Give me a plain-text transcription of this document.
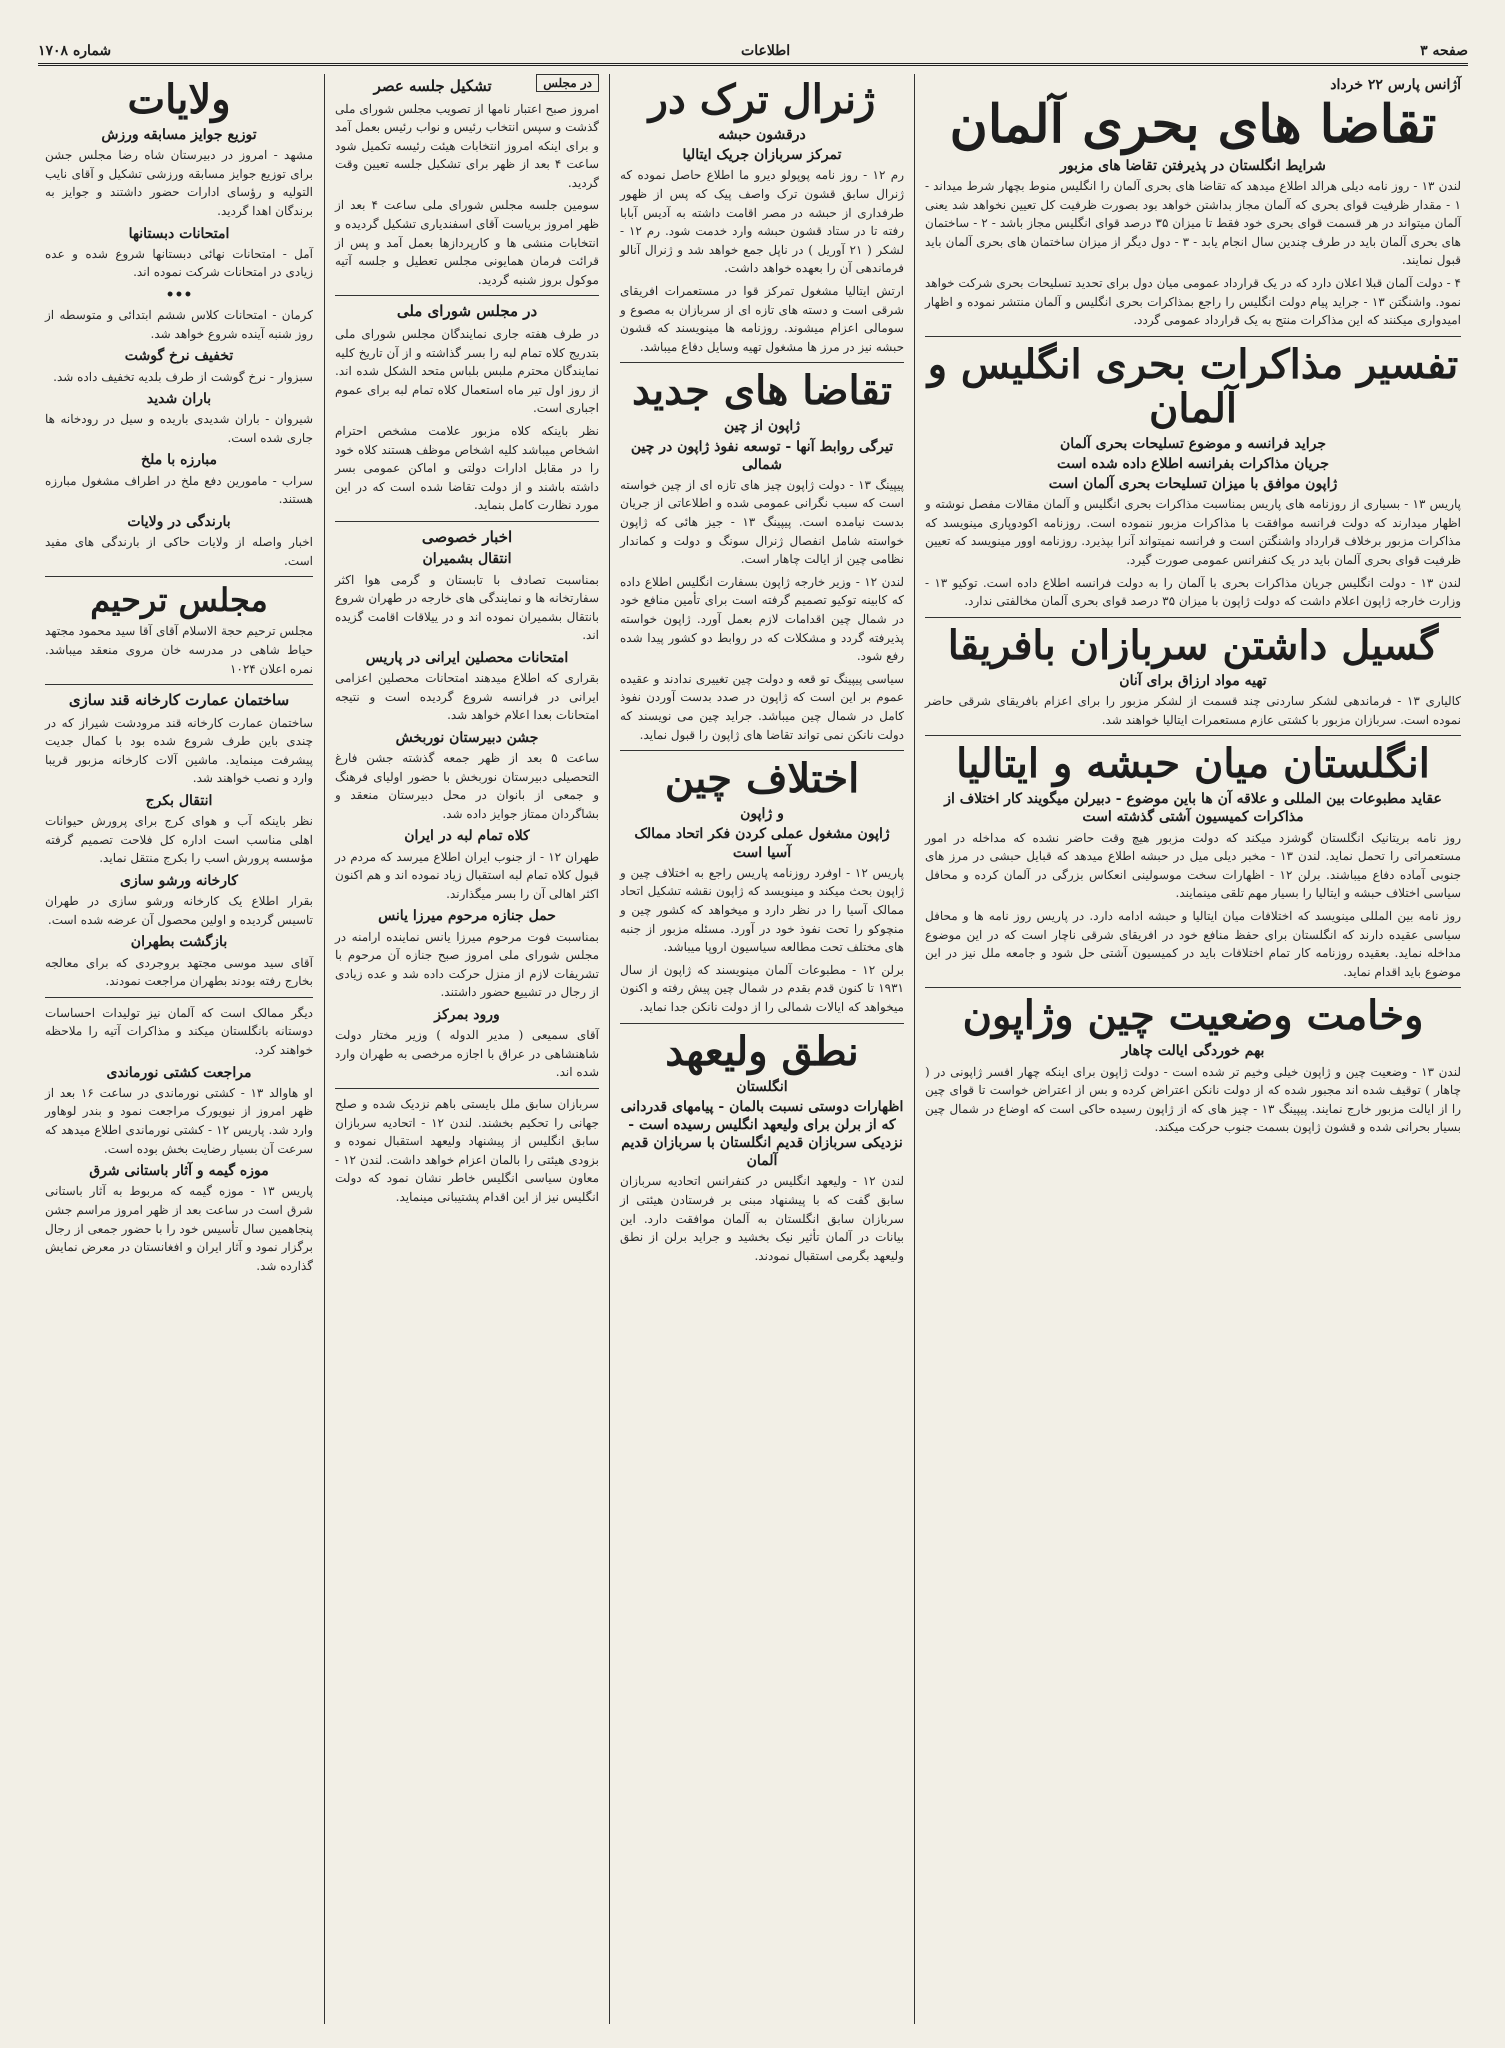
صفحه ۳
اطلاعات
شماره ۱۷۰۸
آژانس پارس ۲۲ خرداد
تقاضا های بحری آلمان
شرایط انگلستان در پذیرفتن تقاضا های مزبور
لندن ۱۳ - روز نامه دیلی هرالد اطلاع میدهد که تقاضا های بحری آلمان را انگلیس منوط بچهار شرط میداند - ۱ - مقدار ظرفیت قوای بحری که آلمان مجاز بداشتن خواهد بود بصورت ظرفیت کل تعیین نخواهد شد یعنی آلمان میتواند در هر قسمت قوای بحری خود فقط تا میزان ۳۵ درصد قوای انگلیس مجاز باشد - ۲ - ساختمان های بحری آلمان باید در طرف چندین سال انجام یابد - ۳ - دول دیگر از میزان ساختمان های بحری آلمان باید قبول نمایند.
۴ - دولت آلمان قبلا اعلان دارد که در یک قرارداد عمومی میان دول برای تحدید تسلیحات بحری شرکت خواهد نمود. واشنگتن ۱۳ - جراید پیام دولت انگلیس را راجع بمذاکرات بحری انگلیس و آلمان منتشر نموده و اظهار امیدواری میکنند که این مذاکرات منتج به یک قرارداد عمومی گردد.
تفسیر مذاکرات بحری انگلیس و آلمان
جراید فرانسه و موضوع تسلیحات بحری آلمان
جریان مذاکرات بفرانسه اطلاع داده شده است
ژاپون موافق با میزان تسلیحات بحری آلمان است
پاریس ۱۳ - بسیاری از روزنامه های پاریس بمناسبت مذاکرات بحری انگلیس و آلمان مقالات مفصل نوشته و اظهار میدارند که دولت فرانسه موافقت با مذاکرات مزبور ننموده است. روزنامه اکودوپاری مینویسد که مذاکرات مزبور برخلاف قرارداد واشنگتن است و فرانسه نمیتواند آنرا بپذیرد. روزنامه اوور مینویسد که تعیین ظرفیت قوای بحری آلمان باید در یک کنفرانس عمومی صورت گیرد.
لندن ۱۳ - دولت انگلیس جریان مذاکرات بحری با آلمان را به دولت فرانسه اطلاع داده است. توکیو ۱۳ - وزارت خارجه ژاپون اعلام داشت که دولت ژاپون با میزان ۳۵ درصد قوای بحری آلمان مخالفتی ندارد.
گسیل داشتن سربازان بافریقا
تهیه مواد ارزاق برای آنان
کالیاری ۱۳ - فرماندهی لشکر ساردنی چند قسمت از لشکر مزبور را برای اعزام بافریقای شرقی حاضر نموده است. سربازان مزبور با کشتی عازم مستعمرات ایتالیا خواهند شد.
انگلستان میان حبشه و ایتالیا
عقاید مطبوعات بین المللی و علاقه آن ها باین موضوع - دبیرلن میگویند کار اختلاف از مذاکرات کمیسیون آشتی گذشته است
روز نامه بریتانیک انگلستان گوشزد میکند که دولت مزبور هیچ وقت حاضر نشده که مداخله در امور مستعمراتی را تحمل نماید. لندن ۱۳ - مخبر دیلی میل در حبشه اطلاع میدهد که قبایل حبشی در مرز های جنوبی آماده دفاع میباشند. برلن ۱۲ - اظهارات سخت موسولینی انعکاس بزرگی در آلمان کرده و محافل سیاسی اختلاف حبشه و ایتالیا را بسیار مهم تلقی مینمایند.
روز نامه بین المللی مینویسد که اختلافات میان ایتالیا و حبشه ادامه دارد. در پاریس روز نامه ها و محافل سیاسی عقیده دارند که انگلستان برای حفظ منافع خود در افریقای شرقی ناچار است که در این موضوع مداخله نماید. بعقیده روزنامه کار تمام اختلافات باید در کمیسیون آشتی حل شود و جامعه ملل نیز در این موضوع باید اقدام نماید.
وخامت وضعیت چین وژاپون
بهم خوردگی ایالت چاهار
لندن ۱۳ - وضعیت چین و ژاپون خیلی وخیم تر شده است - دولت ژاپون برای اینکه چهار افسر ژاپونی در ( چاهار ) توقیف شده اند مجبور شده که از دولت نانکن اعتراض کرده و بس از اعتراض خواست تا قوای چین را از ایالت مزبور خارج نمایند. پیپینگ ۱۳ - چیز های که از ژاپون رسیده حاکی است که اوضاع در شمال چین بسیار بحرانی شده و قشون ژاپون بسمت جنوب حرکت میکند.
ژنرال ترک در
درقشون حبشه
تمرکز سربازان جریک ایتالیا
رم ۱۲ - روز نامه پوپولو دیرو ما اطلاع حاصل نموده که ژنرال سابق قشون ترک واصف پیک که پس از ظهور طرفداری از حبشه در مصر اقامت داشته به آدیس آبابا رفته تا در ستاد قشون حبشه وارد خدمت شود. رم ۱۲ - لشکر ( ۲۱ آوریل ) در ناپل جمع خواهد شد و ژنرال آنالو فرماندهی آن را بعهده خواهد داشت.
ارتش ایتالیا مشغول تمرکز قوا در مستعمرات افریقای شرقی است و دسته های تازه ای از سربازان به مصوع و سومالی اعزام میشوند. روزنامه ها مینویسند که قشون حبشه نیز در مرز ها مشغول تهیه وسایل دفاع میباشد.
تقاضا های جدید
ژاپون از چین
تیرگی روابط آنها - توسعه نفوذ ژاپون در چین شمالی
پیپینگ ۱۳ - دولت ژاپون چیز های تازه ای از چین خواسته است که سبب نگرانی عمومی شده و اطلاعاتی از جریان بدست نیامده است. پیپینگ ۱۳ - جیز هائی که ژاپون خواسته شامل انفصال ژنرال سونگ و دولت و کماندار نظامی چین از ایالت چاهار است.
لندن ۱۲ - وزیر خارجه ژاپون بسفارت انگلیس اطلاع داده که کابینه توکیو تصمیم گرفته است برای تأمین منافع خود در شمال چین اقدامات لازم بعمل آورد. ژاپون خواسته پذیرفته گردد و مشکلات که در روابط دو کشور پیدا شده رفع شود.
سیاسی پیپینگ تو قعه و دولت چین تغییری ندادند و عقیده عموم بر این است که ژاپون در صدد بدست آوردن نفوذ کامل در شمال چین میباشد. جراید چین می نویسند که دولت نانکن نمی تواند تقاضا های ژاپون را قبول نماید.
اختلاف چین
و ژاپون
ژاپون مشغول عملی کردن فکر اتحاد ممالک آسیا است
پاریس ۱۲ - اوفرد روزنامه پاریس راجع به اختلاف چین و ژاپون بحث میکند و مینویسد که ژاپون نقشه تشکیل اتحاد ممالک آسیا را در نظر دارد و میخواهد که کشور چین و منچوکو را تحت نفوذ خود در آورد. مسئله مزبور از جنبه های مختلف تحت مطالعه سیاسیون اروپا میباشد.
برلن ۱۲ - مطبوعات آلمان مینویسند که ژاپون از سال ۱۹۳۱ تا کنون قدم بقدم در شمال چین پیش رفته و اکنون میخواهد که ایالات شمالی را از دولت نانکن جدا نماید.
نطق ولیعهد
انگلستان
اظهارات دوستی نسبت بالمان - پیامهای قدردانی که از برلن برای ولیعهد انگلیس رسیده است - نزدیکی سربازان قدیم انگلستان با سربازان قدیم آلمان
لندن ۱۲ - ولیعهد انگلیس در کنفرانس اتحادیه سربازان سابق گفت که با پیشنهاد مبنی بر فرستادن هیئتی از سربازان سابق انگلستان به آلمان موافقت دارد. این بیانات در آلمان تأثیر نیک بخشید و جراید برلن از نطق ولیعهد بگرمی استقبال نمودند.
در مجلس
تشکیل جلسه عصر
امروز صبح اعتبار نامها از تصویب مجلس شورای ملی گذشت و سپس انتخاب رئیس و نواب رئیس بعمل آمد و برای اینکه امروز انتخابات هیئت رئیسه تکمیل شود ساعت ۴ بعد از ظهر برای تشکیل جلسه تعیین وقت گردید.
سومین جلسه مجلس شورای ملی ساعت ۴ بعد از ظهر امروز بریاست آقای اسفندیاری تشکیل گردیده و انتخابات منشی ها و کارپردازها بعمل آمد و پس از قرائت فرمان همایونی مجلس تعطیل و جلسه آتیه موکول بروز شنبه گردید.
در مجلس شورای ملی
در طرف هفته جاری نمایندگان مجلس شورای ملی بتدریج کلاه تمام لبه را بسر گذاشته و از آن تاریخ کلیه نمایندگان محترم ملبس بلباس متحد الشکل شده اند. از روز اول تیر ماه استعمال کلاه تمام لبه برای عموم اجباری است.
نظر باینکه کلاه مزبور علامت مشخص احترام اشخاص میباشد کلیه اشخاص موظف هستند کلاه خود را در مقابل ادارات دولتی و اماکن عمومی بسر داشته باشند و از دولت تقاضا شده است که در این مورد نظارت کامل بنماید.
اخبار خصوصی
انتقال بشمیران
بمناسبت تصادف با تابستان و گرمی هوا اکثر سفارتخانه ها و نمایندگی های خارجه در طهران شروع بانتقال بشمیران نموده اند و در ییلاقات اقامت گزیده اند.
امتحانات محصلین ایرانی در پاریس
بقراری که اطلاع میدهند امتحانات محصلین اعزامی ایرانی در فرانسه شروع گردیده است و نتیجه امتحانات بعدا اعلام خواهد شد.
جشن دبیرستان نوربخش
ساعت ۵ بعد از ظهر جمعه گذشته جشن فارغ التحصیلی دبیرستان نوربخش با حضور اولیای فرهنگ و جمعی از بانوان در محل دبیرستان منعقد و بشاگردان ممتاز جوایز داده شد.
کلاه تمام لبه در ایران
طهران ۱۲ - از جنوب ایران اطلاع میرسد که مردم در قبول کلاه تمام لبه استقبال زیاد نموده اند و هم اکنون اکثر اهالی آن را بسر میگذارند.
حمل جنازه مرحوم میرزا یانس
بمناسبت فوت مرحوم میرزا یانس نماینده ارامنه در مجلس شورای ملی امروز صبح جنازه آن مرحوم با تشریفات لازم از منزل حرکت داده شد و عده زیادی از رجال در تشییع حضور داشتند.
ورود بمرکز
آقای سمیعی ( مدیر الدوله ) وزیر مختار دولت شاهنشاهی در عراق با اجازه مرخصی به طهران وارد شده اند.
سربازان سابق ملل بایستی باهم نزدیک شده و صلح جهانی را تحکیم بخشند. لندن ۱۲ - اتحادیه سربازان سابق انگلیس از پیشنهاد ولیعهد استقبال نموده و بزودی هیئتی را بالمان اعزام خواهد داشت. لندن ۱۲ - معاون سیاسی انگلیس خاطر نشان نمود که دولت انگلیس نیز از این اقدام پشتیبانی مینماید.
ولایات
توزیع جوایز مسابقه ورزش
مشهد - امروز در دبیرستان شاه رضا مجلس جشن برای توزیع جوایز مسابقه ورزشی تشکیل و آقای نایب التولیه و رؤسای ادارات حضور داشتند و جوایز به برندگان اهدا گردید.
امتحانات دبستانها
آمل - امتحانات نهائی دبستانها شروع شده و عده زیادی در امتحانات شرکت نموده اند.
•••
کرمان - امتحانات کلاس ششم ابتدائی و متوسطه از روز شنبه آینده شروع خواهد شد.
تخفیف نرخ گوشت
سبزوار - نرخ گوشت از طرف بلدیه تخفیف داده شد.
باران شدید
شیروان - باران شدیدی باریده و سیل در رودخانه ها جاری شده است.
مبارزه با ملخ
سراب - مامورین دفع ملخ در اطراف مشغول مبارزه هستند.
بارندگی در ولایات
اخبار واصله از ولایات حاکی از بارندگی های مفید است.
مجلس ترحیم
مجلس ترحیم حجة الاسلام آقای آقا سید محمود مجتهد حیاط شاهی در مدرسه خان مروی منعقد میباشد. نمره اعلان ۱۰۲۴
ساختمان عمارت کارخانه قند سازی
ساختمان عمارت کارخانه قند مرودشت شیراز که در چندی باین طرف شروع شده بود با کمال جدیت پیشرفت مینماید. ماشین آلات کارخانه مزبور قریبا وارد و نصب خواهند شد.
انتقال بکرج
نظر باینکه آب و هوای کرج برای پرورش حیوانات اهلی مناسب است اداره کل فلاحت تصمیم گرفته مؤسسه پرورش اسب را بکرج منتقل نماید.
کارخانه ورشو سازی
بقرار اطلاع یک کارخانه ورشو سازی در طهران تاسیس گردیده و اولین محصول آن عرضه شده است.
بازگشت بطهران
آقای سید موسی مجتهد بروجردی که برای معالجه بخارج رفته بودند بطهران مراجعت نمودند.
دیگر ممالک است که آلمان نیز تولیدات احساسات دوستانه بانگلستان میکند و مذاکرات آتیه را ملاحظه خواهند کرد.
مراجعت کشتی نورماندی
او هاوالد ۱۳ - کشتی نورماندی در ساعت ۱۶ بعد از ظهر امروز از نیویورک مراجعت نمود و بندر لوهاور وارد شد. پاریس ۱۲ - کشتی نورماندی اطلاع میدهد که سرعت آن بسیار رضایت بخش بوده است.
موزه گیمه و آثار باستانی شرق
پاریس ۱۳ - موزه گیمه که مربوط به آثار باستانی شرق است در ساعت بعد از ظهر امروز مراسم جشن پنجاهمین سال تأسیس خود را با حضور جمعی از رجال برگزار نمود و آثار ایران و افغانستان در معرض نمایش گذارده شد.
